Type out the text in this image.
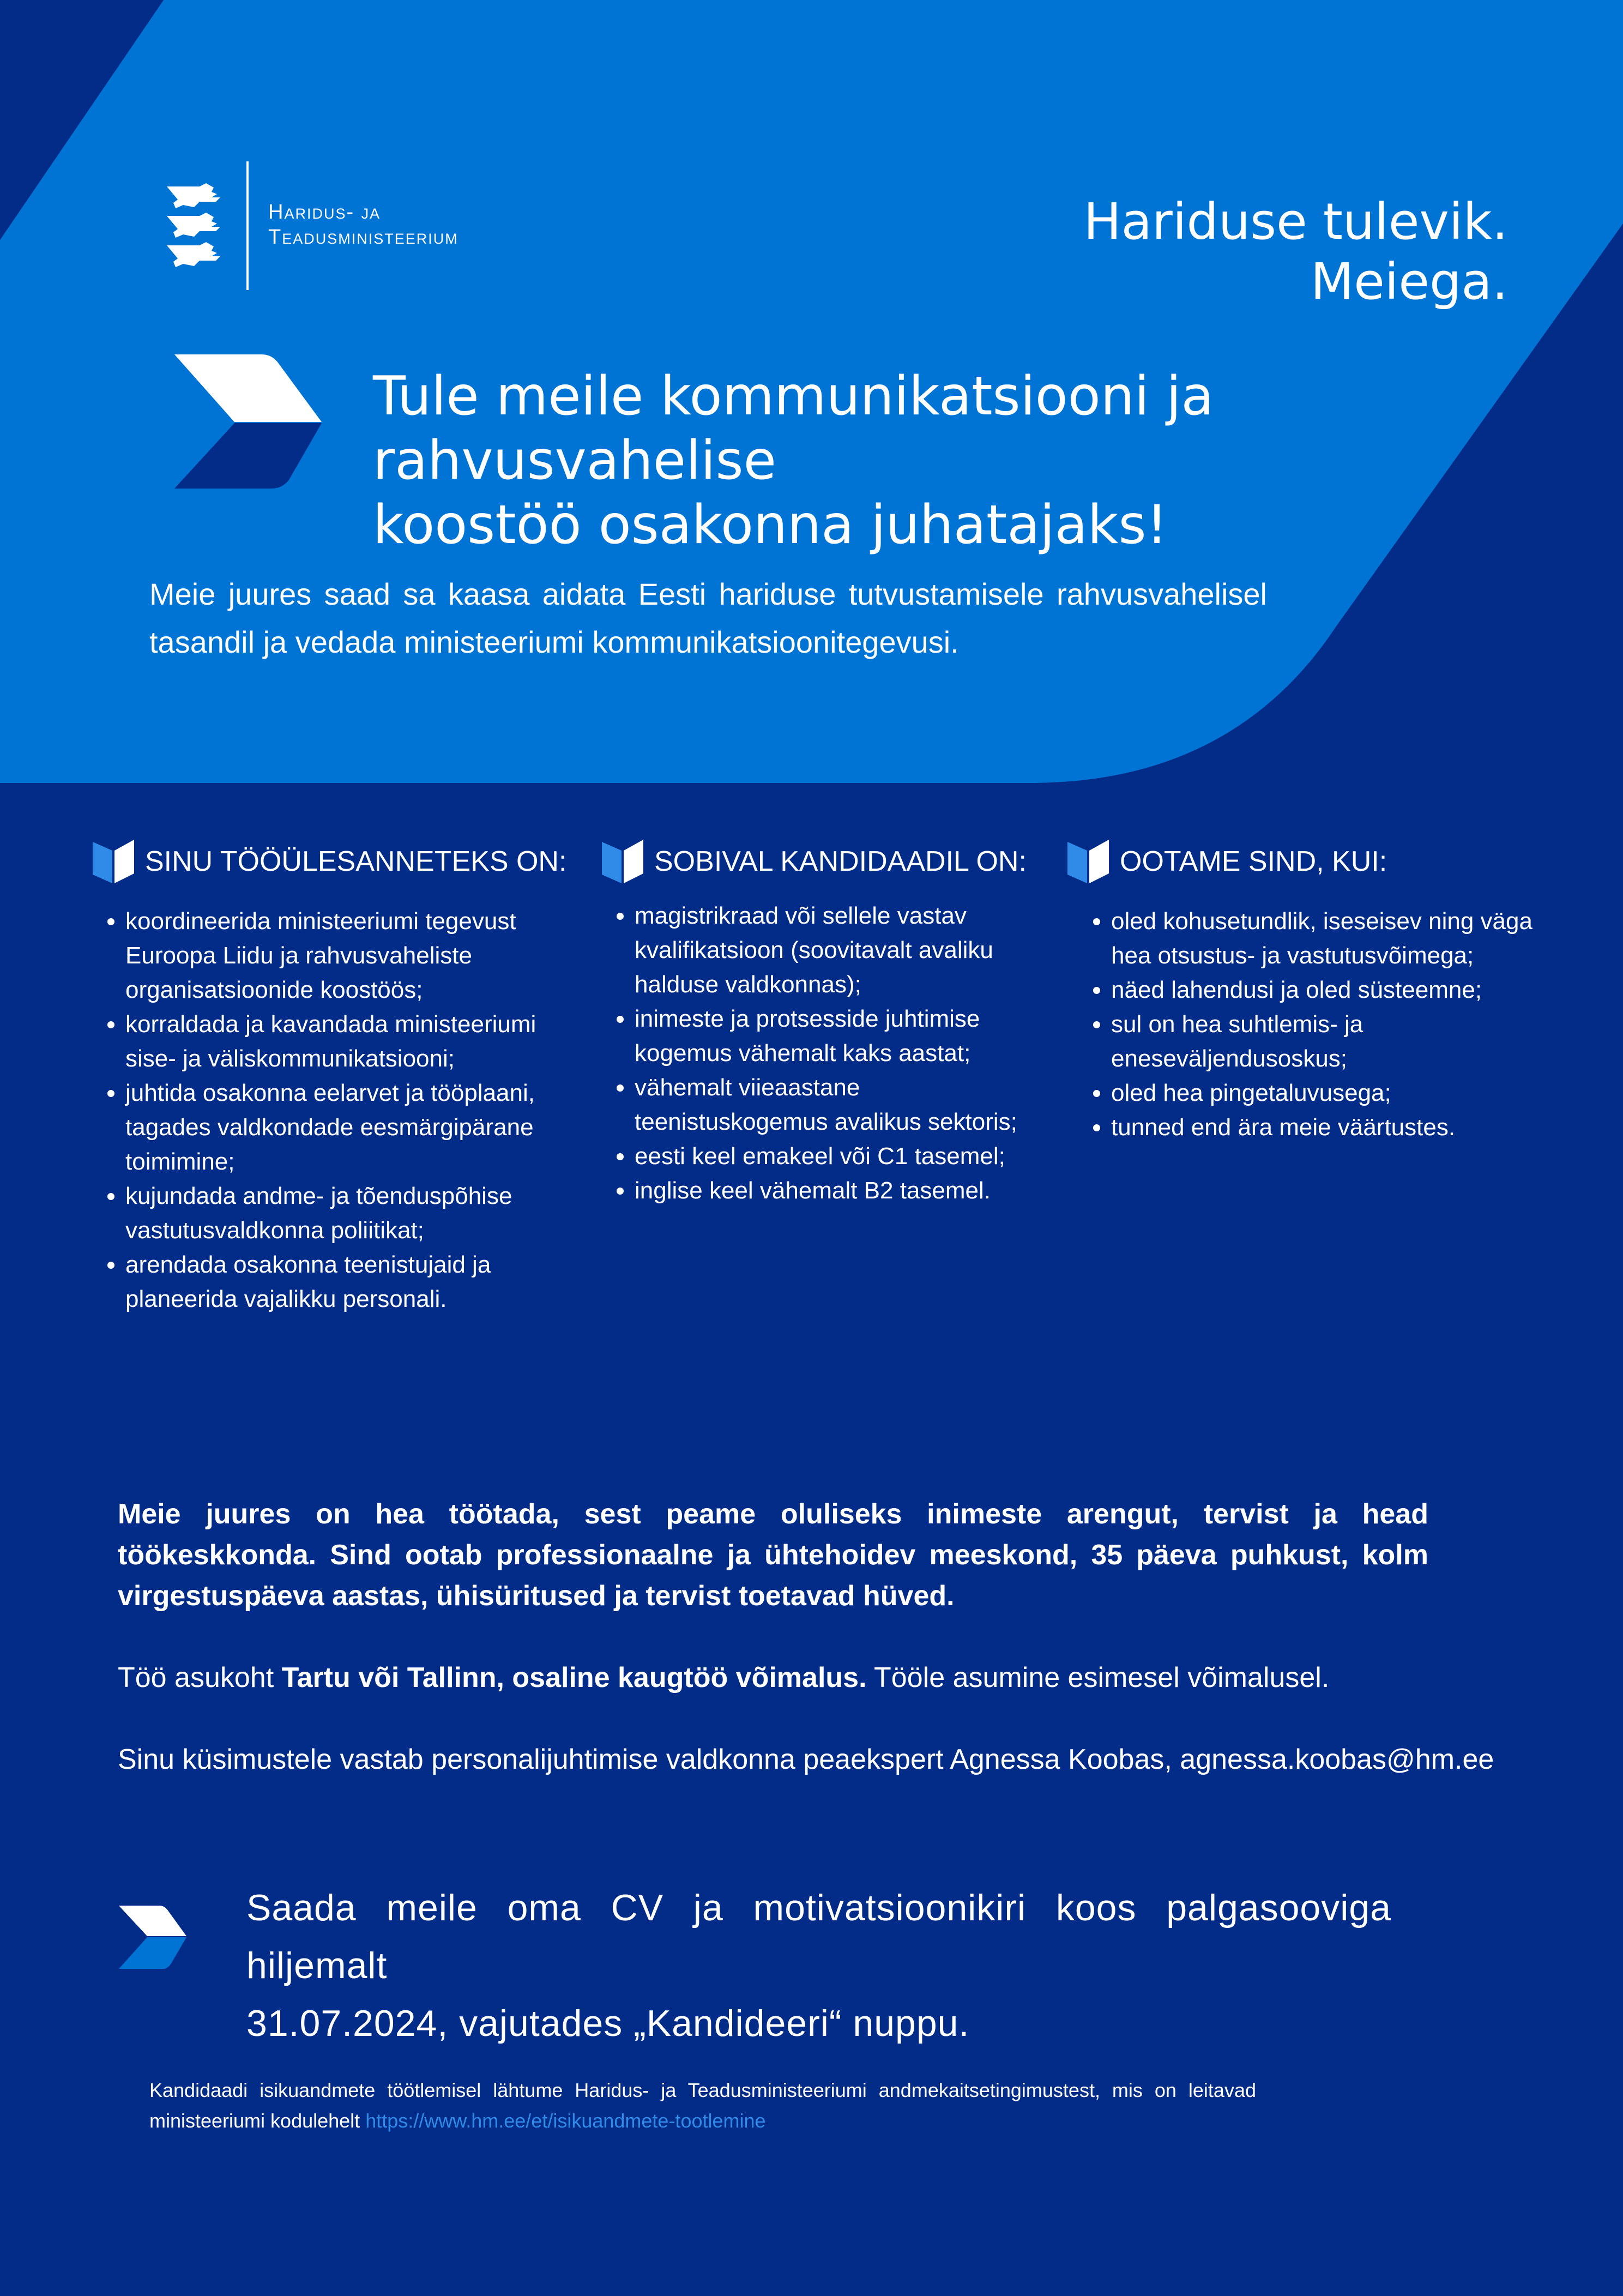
Haridus- ja
Teadusministeerium	Hariduse tulevik. Meiega.
Tule meile kommunikatsiooni ja rahvusvahelise
koostöö osakonna juhatajaks!
Meie juures saad sa kaasa aidata Eesti hariduse tutvustamisele rahvusvahelisel tasandil ja vedada ministeeriumi kommunikatsioonitegevusi.
SINU TÖÖÜLESANNETEKS ON:
• koordineerida ministeeriumi tegevust Euroopa Liidu ja rahvusvaheliste organisatsioonide koostöös;
• korraldada ja kavandada ministeeriumi sise- ja väliskommunikatsiooni;
• juhtida osakonna eelarvet ja tööplaani, tagades valdkondade eesmärgipärane toimimine;
• kujundada andme- ja tõenduspõhise vastutusvaldkonna poliitikat;
• arendada osakonna teenistujaid ja planeerida vajalikku personali.
SOBIVAL KANDIDAADIL ON:
• magistrikraad või sellele vastav kvalifikatsioon (soovitavalt avaliku halduse valdkonnas);
• inimeste ja protsesside juhtimise kogemus vähemalt kaks aastat;
• vähemalt viieaastane teenistuskogemus avalikus sektoris;
• eesti keel emakeel või C1 tasemel;
• inglise keel vähemalt B2 tasemel.
OOTAME SIND, KUI:
• oled kohusetundlik, iseseisev ning väga hea otsustus- ja vastutusvõimega;
• näed lahendusi ja oled süsteemne;
• sul on hea suhtlemis- ja eneseväljendusoskus;
• oled hea pingetaluvusega;
• tunned end ära meie väärtustes.
Meie juures on hea töötada, sest peame oluliseks inimeste arengut, tervist ja head töökeskkonda. Sind ootab professionaalne ja ühtehoidev meeskond, 35 päeva puhkust, kolm virgestuspäeva aastas, ühisüritused ja tervist toetavad hüved.
Töö asukoht Tartu või Tallinn, osaline kaugtöö võimalus. Tööle asumine esimesel võimalusel.
Sinu küsimustele vastab personalijuhtimise valdkonna peaekspert Agnessa Koobas, agnessa.koobas@hm.ee
Saada meile oma CV ja motivatsioonikiri koos palgasooviga hiljemalt
31.07.2024, vajutades „Kandideeri“ nuppu.
Kandidaadi isikuandmete töötlemisel lähtume Haridus- ja Teadusministeeriumi andmekaitsetingimustest, mis on leitavad ministeeriumi kodulehelt https://www.hm.ee/et/isikuandmete-tootlemine
